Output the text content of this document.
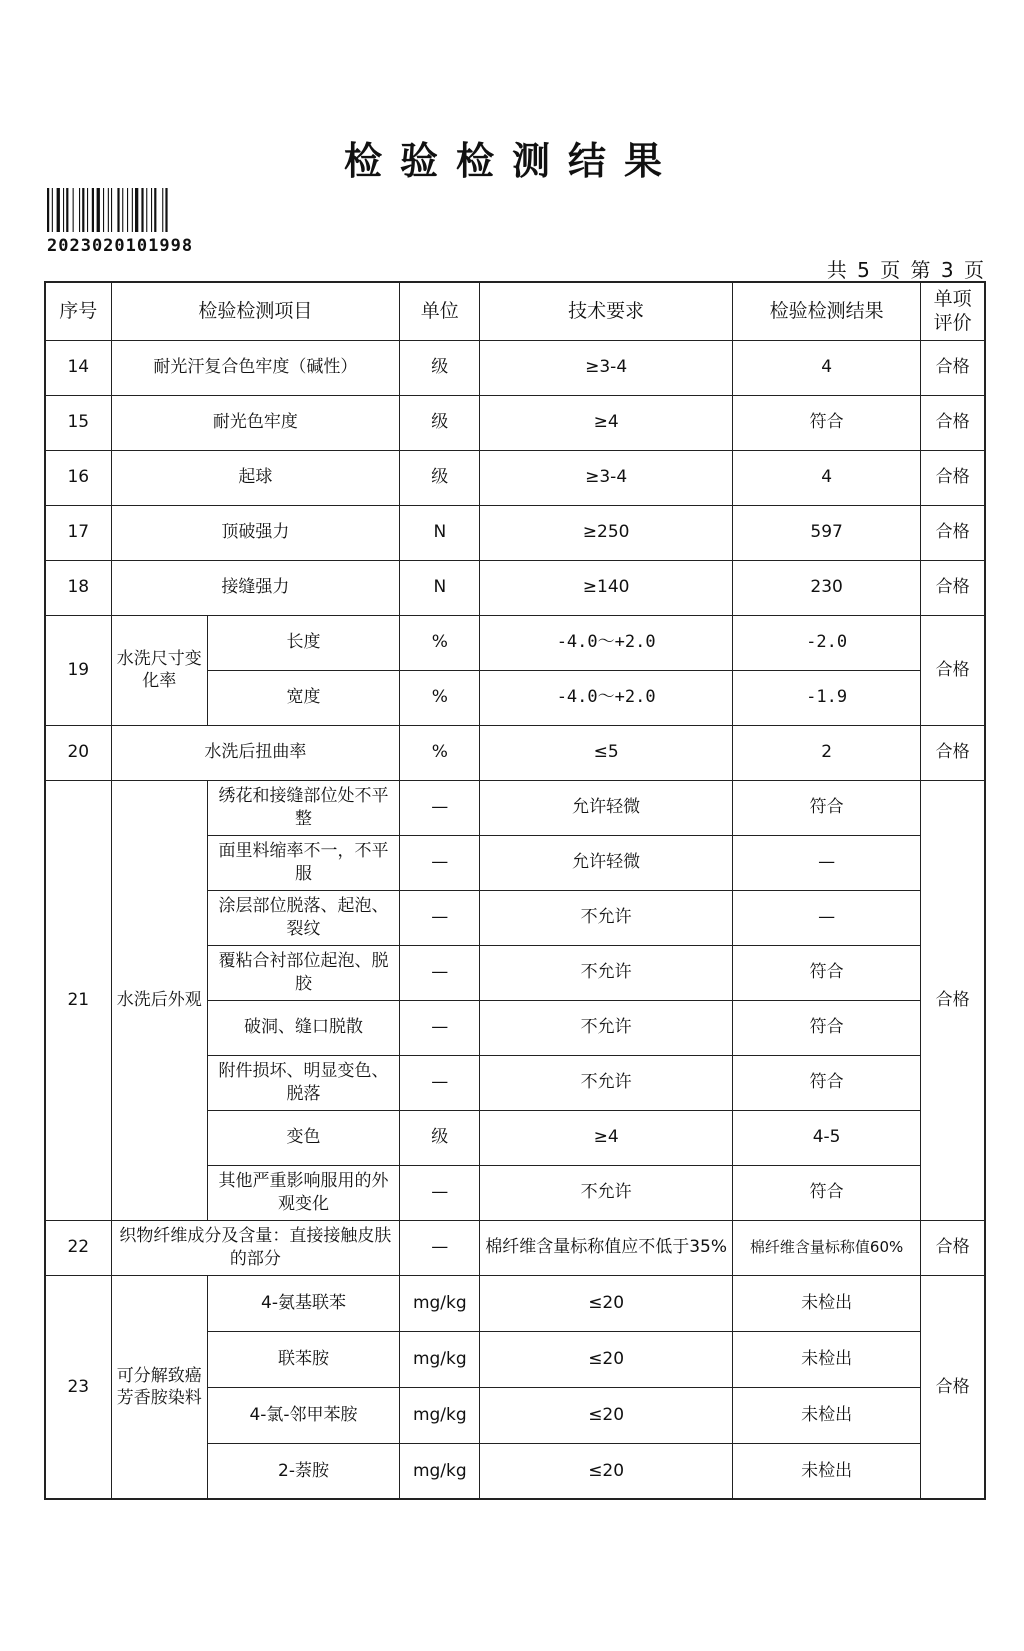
检验检测结果
2023020101998
共 5 页 第 3 页
序号	检验检测项目		单位	技术要求	检验检测结果	单项评价
14	耐光汗复合色牢度（碱性）		级	≥3-4	4	合格
15	耐光色牢度		级	≥4	符合	合格
16	起球		级	≥3-4	4	合格
17	顶破强力		N	≥250	597	合格
18	接缝强力		N	≥140	230	合格
19	水洗尺寸变化率	长度	%	-4.0～+2.0	-2.0	合格
		宽度	%	-4.0～+2.0	-1.9	
20	水洗后扭曲率		%	≤5	2	合格
21	水洗后外观	绣花和接缝部位处不平整	—	允许轻微	符合	合格
		面里料缩率不一，不平服	—	允许轻微	—	
		涂层部位脱落、起泡、裂纹	—	不允许	—	
		覆粘合衬部位起泡、脱胶	—	不允许	符合	
		破洞、缝口脱散	—	不允许	符合	
		附件损坏、明显变色、脱落	—	不允许	符合	
		变色	级	≥4	4-5	
		其他严重影响服用的外观变化	—	不允许	符合	
22	织物纤维成分及含量：直接接触皮肤的部分		—	棉纤维含量标称值应不低于35%	棉纤维含量标称值60%	合格
23	可分解致癌芳香胺染料	4-氨基联苯	mg/kg	≤20	未检出	合格
		联苯胺	mg/kg	≤20	未检出	
		4-氯-邻甲苯胺	mg/kg	≤20	未检出	
		2-萘胺	mg/kg	≤20	未检出	
